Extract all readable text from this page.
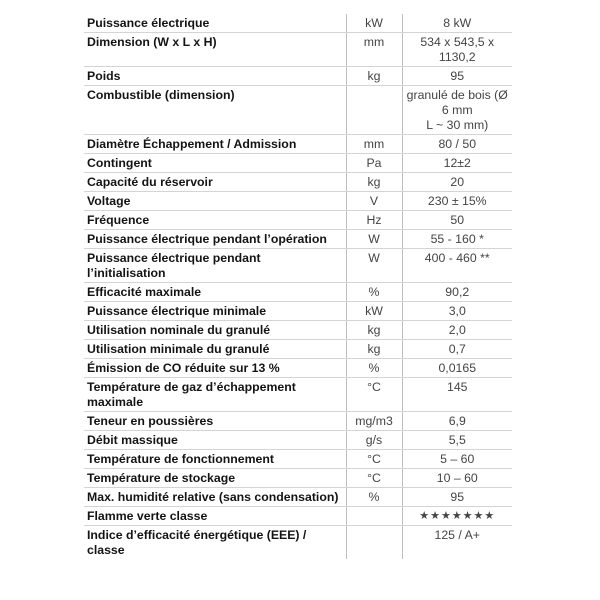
Puissance électrique	kW	8 kW
Dimension (W x L x H)	mm	534 x 543,5 x
1130,2
Poids	kg	95
Combustible (dimension)		granulé de bois (Ø 6 mm
L ~ 30 mm)
Diamètre Échappement / Admission	mm	80 / 50
Contingent	Pa	12±2
Capacité du réservoir	kg	20
Voltage	V	230 ± 15%
Fréquence	Hz	50
Puissance électrique pendant l’opération	W	55 - 160 *
Puissance électrique pendant l’initialisation	W	400 - 460 **
Efficacité maximale	%	90,2
Puissance électrique minimale	kW	3,0
Utilisation nominale du granulé	kg	2,0
Utilisation minimale du granulé	kg	0,7
Émission de CO réduite sur 13 %	%	0,0165
Température de gaz d’échappement maximale	°C	145
Teneur en poussières	mg/m3	6,9
Débit massique	g/s	5,5
Température de fonctionnement	°C	5 – 60
Température de stockage	°C	10 – 60
Max. humidité relative (sans condensation)	%	95
Flamme verte classe		★★★★★★★
Indice d’efficacité énergétique (EEE) / classe		125 / A+
